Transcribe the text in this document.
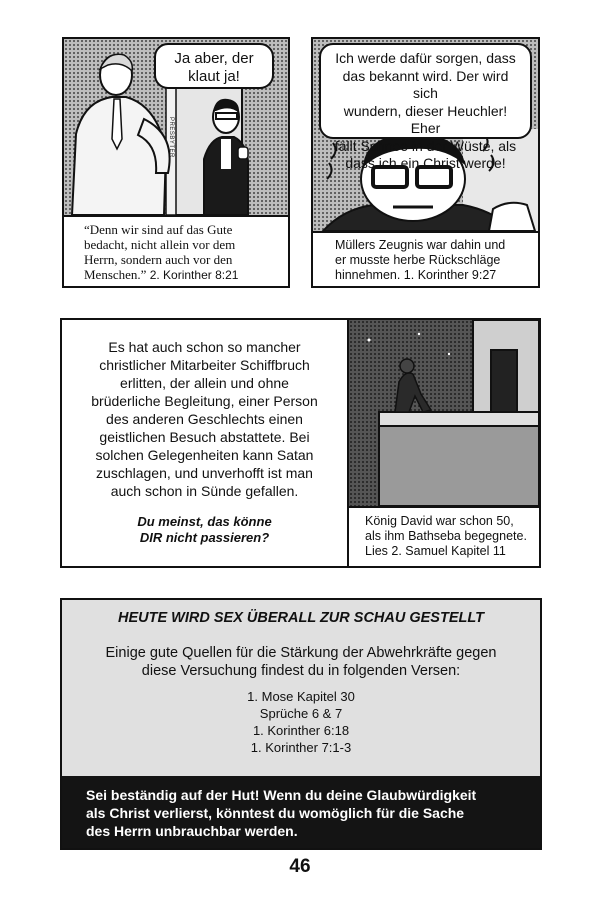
PRESBYTER
Ja aber, der
klaut ja!
“Denn wir sind auf das Gute
bedacht, nicht allein vor dem
Herrn, sondern auch vor den
Menschen.” 2. Korinther 8:21
Ich werde dafür sorgen, dass
das bekannt wird. Der wird sich
wundern, dieser Heuchler! Eher
fällt Schnee in der Wüste, als
dass ich ein Christ werde!
Müllers Zeugnis war dahin und
er musste herbe Rückschläge
hinnehmen. 1. Korinther 9:27
Es hat auch schon so mancher
christlicher Mitarbeiter Schiffbruch
erlitten, der allein und ohne
brüderliche Begleitung, einer Person
des anderen Geschlechts einen
geistlichen Besuch abstattete. Bei
solchen Gelegenheiten kann Satan
zuschlagen, und unverhofft ist man
auch schon in Sünde gefallen.
Du meinst, das könne
DIR nicht passieren?
König David war schon 50,
als ihm Bathseba begegnete.
Lies 2. Samuel Kapitel 11
HEUTE WIRD SEX ÜBERALL ZUR SCHAU GESTELLT
Einige gute Quellen für die Stärkung der Abwehrkräfte gegen
diese Versuchung findest du in folgenden Versen:
1. Mose Kapitel 30
Sprüche 6 & 7
1. Korinther 6:18
1. Korinther 7:1-3
Sei beständig auf der Hut! Wenn du deine Glaubwürdigkeit
als Christ verlierst, könntest du womöglich für die Sache
des Herrn unbrauchbar werden.
46
